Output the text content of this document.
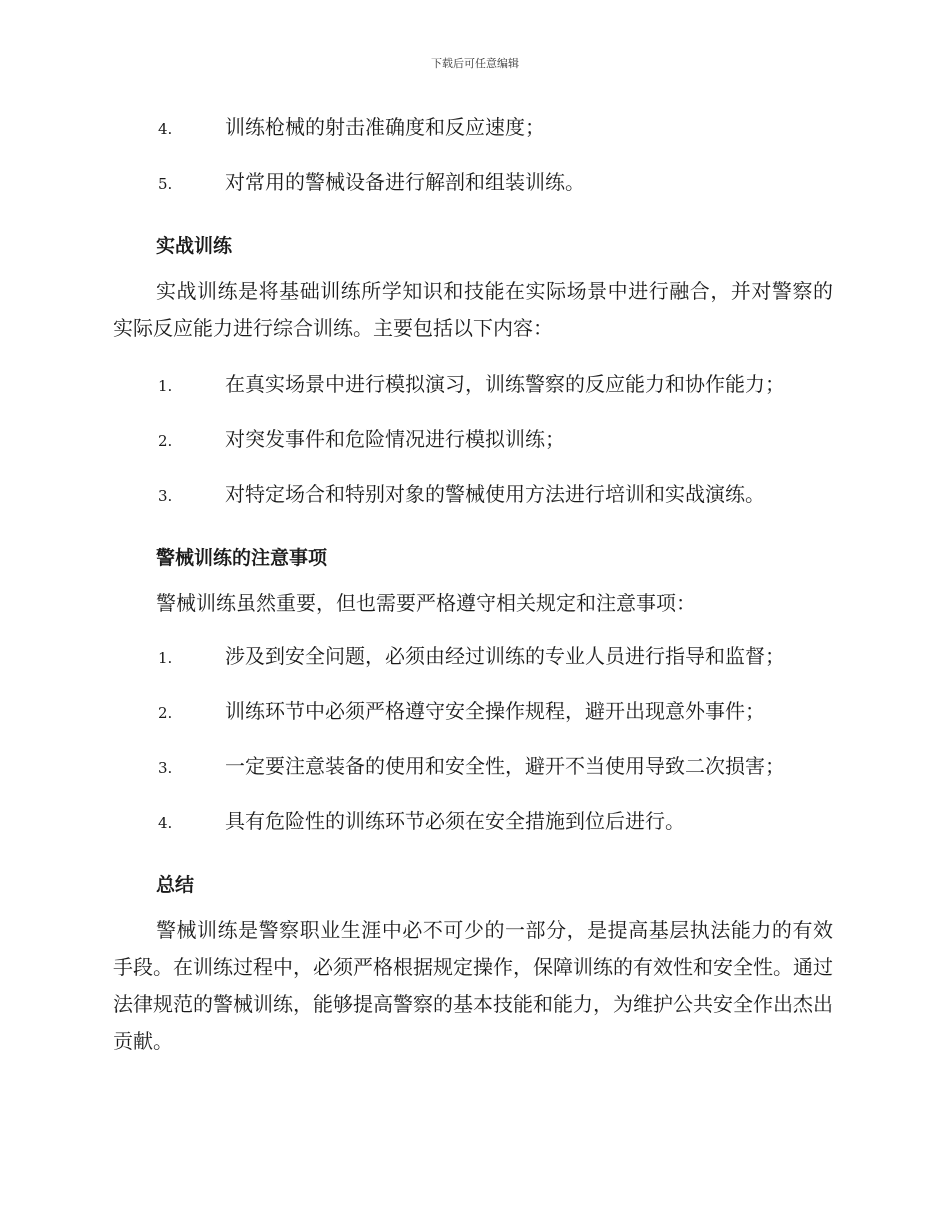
下载后可任意编辑
4.	训练枪械的射击准确度和反应速度；
5.	对常用的警械设备进行解剖和组装训练。
实战训练

实战训练是将基础训练所学知识和技能在实际场景中进行融合，并对警察的实际反应能力进行综合训练。主要包括以下内容：

1.	在真实场景中进行模拟演习，训练警察的反应能力和协作能力；
2.	对突发事件和危险情况进行模拟训练；
3.	对特定场合和特别对象的警械使用方法进行培训和实战演练。
警械训练的注意事项

警械训练虽然重要，但也需要严格遵守相关规定和注意事项：

1.	涉及到安全问题，必须由经过训练的专业人员进行指导和监督；
2.	训练环节中必须严格遵守安全操作规程，避开出现意外事件；
3.	一定要注意装备的使用和安全性，避开不当使用导致二次损害；
4.	具有危险性的训练环节必须在安全措施到位后进行。
总结

警械训练是警察职业生涯中必不可少的一部分，是提高基层执法能力的有效手段。在训练过程中，必须严格根据规定操作，保障训练的有效性和安全性。通过法律规范的警械训练，能够提高警察的基本技能和能力，为维护公共安全作出杰出贡献。
